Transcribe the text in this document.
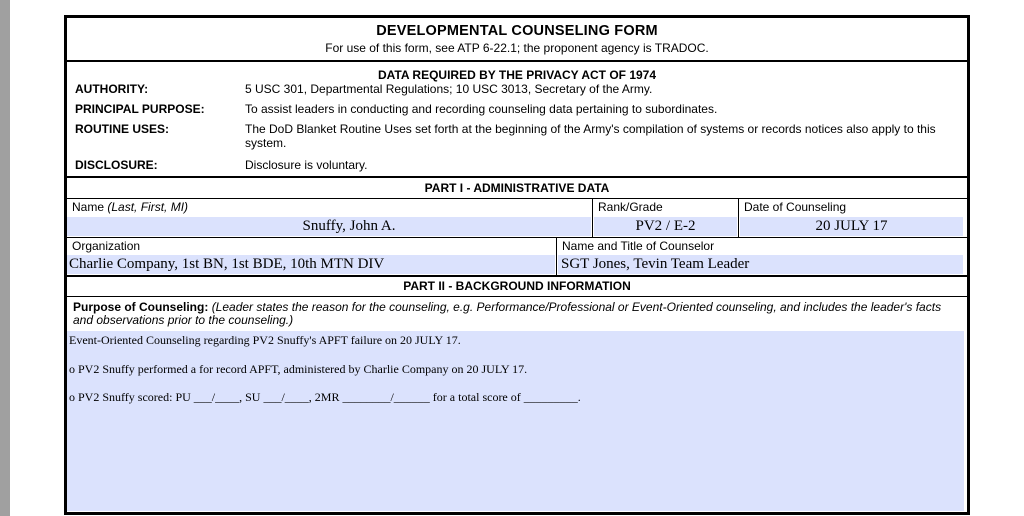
DEVELOPMENTAL COUNSELING FORM
For use of this form, see ATP 6-22.1; the proponent agency is TRADOC.
DATA REQUIRED BY THE PRIVACY ACT OF 1974
AUTHORITY:	5 USC 301, Departmental Regulations; 10 USC 3013, Secretary of the Army.
PRINCIPAL PURPOSE:	To assist leaders in conducting and recording counseling data pertaining to subordinates.
ROUTINE USES:	The DoD Blanket Routine Uses set forth at the beginning of the Army's compilation of systems or records notices also apply to this system.
DISCLOSURE:	Disclosure is voluntary.
PART I - ADMINISTRATIVE DATA
Name (Last, First, MI)	Rank/Grade	Date of Counseling
Snuffy, John A.	PV2 / E-2	20 JULY 17
Organization	Name and Title of Counselor
Charlie Company, 1st BN, 1st BDE, 10th MTN DIV	SGT Jones, Tevin Team Leader
PART II - BACKGROUND INFORMATION
Purpose of Counseling: (Leader states the reason for the counseling, e.g. Performance/Professional or Event-Oriented counseling, and includes the leader's facts and observations prior to the counseling.)
Event-Oriented Counseling regarding PV2 Snuffy's APFT failure on 20 JULY 17.
o PV2 Snuffy performed a for record APFT, administered by Charlie Company on 20 JULY 17.
o PV2 Snuffy scored: PU ___/____, SU ___/____, 2MR ________/______ for a total score of _________.
